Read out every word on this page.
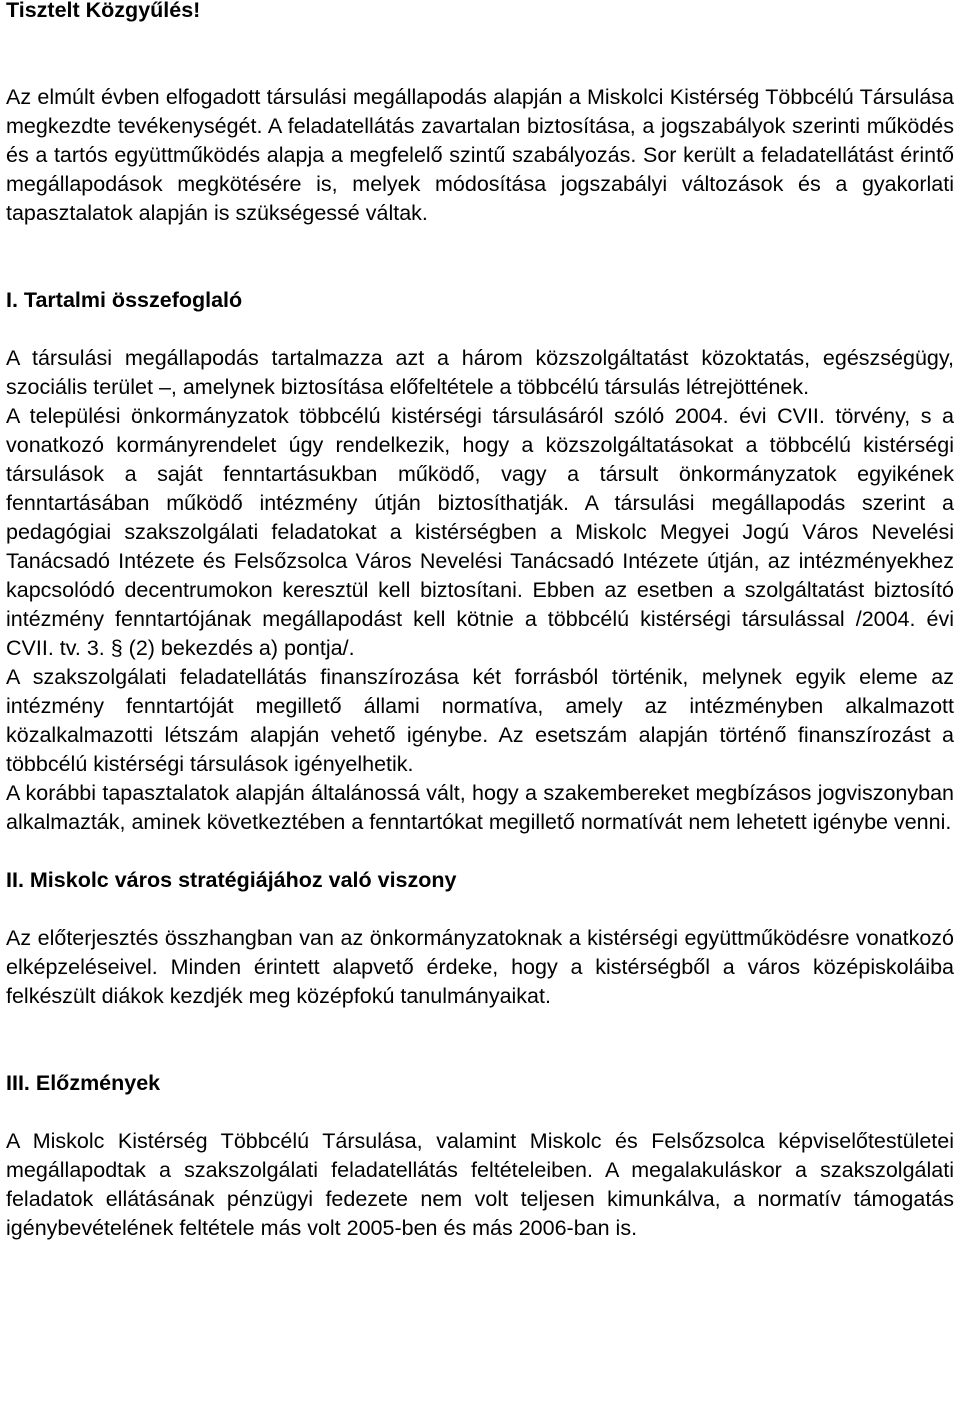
Tisztelt Közgyűlés!

Az elmúlt évben elfogadott társulási megállapodás alapján a Miskolci Kistérség Többcélú Társulása megkezdte tevékenységét. A feladatellátás zavartalan biztosítása, a jogszabályok szerinti működés és a tartós együttműködés alapja a megfelelő szintű szabályozás. Sor került a feladatellátást érintő megállapodások megkötésére is, melyek módosítása jogszabályi változások és a gyakorlati tapasztalatok alapján is szükségessé váltak.

I. Tartalmi összefoglaló

A társulási megállapodás tartalmazza azt a három közszolgáltatást közoktatás, egészségügy, szociális terület –, amelynek biztosítása előfeltétele a többcélú társulás létrejöttének.

A települési önkormányzatok többcélú kistérségi társulásáról szóló 2004. évi CVII. törvény, s a vonatkozó kormányrendelet úgy rendelkezik, hogy a közszolgáltatásokat a többcélú kistérségi társulások a saját fenntartásukban működő, vagy a társult önkormányzatok egyikének fenntartásában működő intézmény útján biztosíthatják. A társulási megállapodás szerint a pedagógiai szakszolgálati feladatokat a kistérségben a Miskolc Megyei Jogú Város Nevelési Tanácsadó Intézete és Felsőzsolca Város Nevelési Tanácsadó Intézete útján, az intézményekhez kapcsolódó decentrumokon keresztül kell biztosítani. Ebben az esetben a szolgáltatást biztosító intézmény fenntartójának megállapodást kell kötnie a többcélú kistérségi társulással /2004. évi CVII. tv. 3. § (2) bekezdés a) pontja/.

A szakszolgálati feladatellátás finanszírozása két forrásból történik, melynek egyik eleme az intézmény fenntartóját megillető állami normatíva, amely az intézményben alkalmazott közalkalmazotti létszám alapján vehető igénybe. Az esetszám alapján történő finanszírozást a többcélú kistérségi társulások igényelhetik.

A korábbi tapasztalatok alapján általánossá vált, hogy a szakembereket megbízásos jogviszonyban alkalmazták, aminek következtében a fenntartókat megillető normatívát nem lehetett igénybe venni.

II. Miskolc város stratégiájához való viszony

Az előterjesztés összhangban van az önkormányzatoknak a kistérségi együttműködésre vonatkozó elképzeléseivel. Minden érintett alapvető érdeke, hogy a kistérségből a város középiskoláiba felkészült diákok kezdjék meg középfokú tanulmányaikat.

III. Előzmények

A Miskolc Kistérség Többcélú Társulása, valamint Miskolc és Felsőzsolca képviselőtestületei megállapodtak a szakszolgálati feladatellátás feltételeiben. A megalakuláskor a szakszolgálati feladatok ellátásának pénzügyi fedezete nem volt teljesen kimunkálva, a normatív támogatás igénybevételének feltétele más volt 2005-ben és más 2006-ban is.
